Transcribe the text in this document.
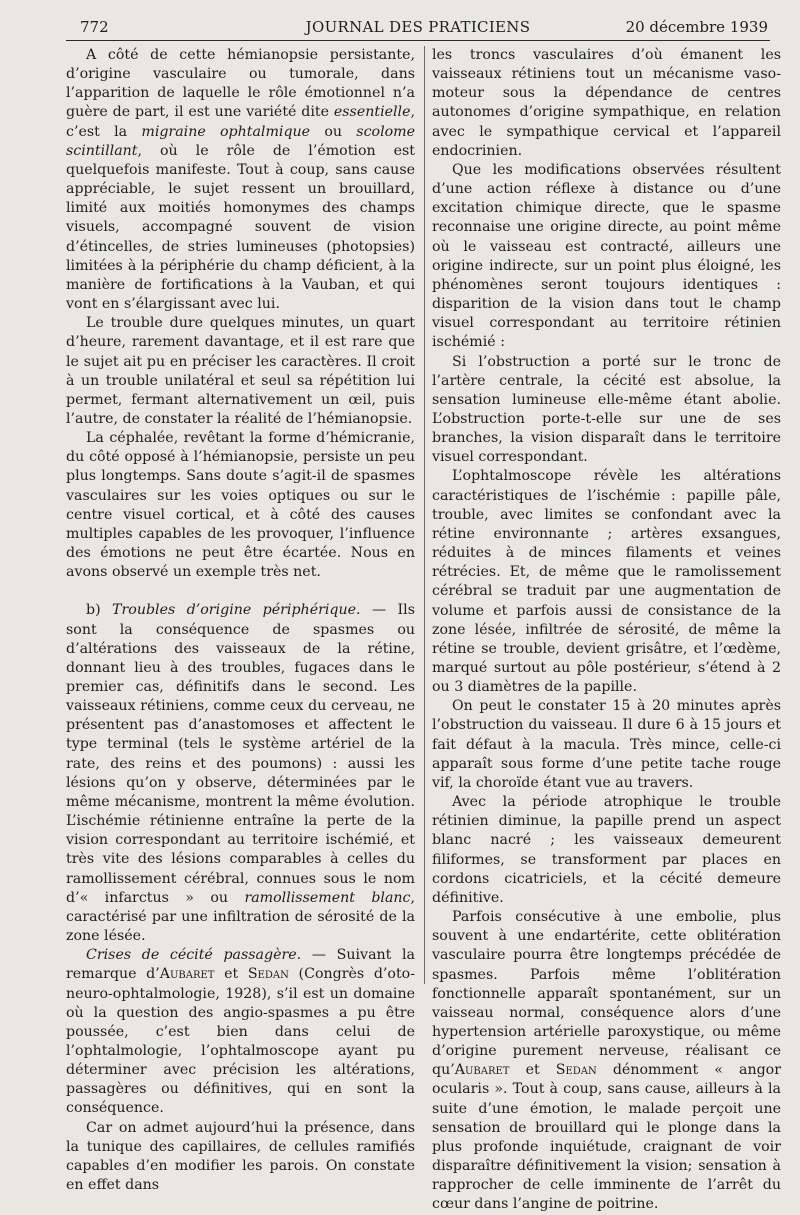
772	JOURNAL DES PRATICIENS	20 décembre 1939

A côté de cette hémianopsie persistante, d’origine vasculaire ou tumorale, dans l’apparition de laquelle le rôle émotionnel n’a guère de part, il est une variété dite essentielle, c’est la migraine ophtalmique ou scolome scintillant, où le rôle de l’émotion est quelquefois manifeste. Tout à coup, sans cause appréciable, le sujet ressent un brouillard, limité aux moitiés homonymes des champs visuels, accompagné souvent de vision d’étincelles, de stries lumineuses (photopsies) limitées à la périphérie du champ déficient, à la manière de fortifications à la Vauban, et qui vont en s’élargissant avec lui.

Le trouble dure quelques minutes, un quart d’heure, rarement davantage, et il est rare que le sujet ait pu en préciser les caractères. Il croit à un trouble unilatéral et seul sa répétition lui permet, fermant alternativement un œil, puis l’autre, de constater la réalité de l’hémianopsie.

La céphalée, revêtant la forme d’hémicranie, du côté opposé à l’hémianopsie, persiste un peu plus longtemps. Sans doute s’agit-il de spasmes vasculaires sur les voies optiques ou sur le centre visuel cortical, et à côté des causes multiples capables de les provoquer, l’influence des émotions ne peut être écartée. Nous en avons observé un exemple très net.

b) Troubles d’origine périphérique. — Ils sont la conséquence de spasmes ou d’altérations des vaisseaux de la rétine, donnant lieu à des troubles, fugaces dans le premier cas, définitifs dans le second. Les vaisseaux rétiniens, comme ceux du cerveau, ne présentent pas d’anastomoses et affectent le type terminal (tels le système artériel de la rate, des reins et des poumons) : aussi les lésions qu’on y observe, déterminées par le même mécanisme, montrent la même évolution. L’ischémie rétinienne entraîne la perte de la vision correspondant au territoire ischémié, et très vite des lésions comparables à celles du ramollissement cérébral, connues sous le nom d’« infarctus » ou ramollissement blanc, caractérisé par une infiltration de sérosité de la zone lésée.

Crises de cécité passagère. — Suivant la remarque d’Aubaret et Sedan (Congrès d’oto-neuro-ophtalmologie, 1928), s’il est un domaine où la question des angio-spasmes a pu être poussée, c’est bien dans celui de l’ophtalmologie, l’ophtalmoscope ayant pu déterminer avec précision les altérations, passagères ou définitives, qui en sont la conséquence.

Car on admet aujourd’hui la présence, dans la tunique des capillaires, de cellules ramifiés capables d’en modifier les parois. On constate en effet dans

les troncs vasculaires d’où émanent les vaisseaux rétiniens tout un mécanisme vaso-moteur sous la dépendance de centres autonomes d’origine sympathique, en relation avec le sympathique cervical et l’appareil endocrinien.

Que les modifications observées résultent d’une action réflexe à distance ou d’une excitation chimique directe, que le spasme reconnaise une origine directe, au point même où le vaisseau est contracté, ailleurs une origine indirecte, sur un point plus éloigné, les phénomènes seront toujours identiques : disparition de la vision dans tout le champ visuel correspondant au territoire rétinien ischémié :

Si l’obstruction a porté sur le tronc de l’artère centrale, la cécité est absolue, la sensation lumineuse elle-même étant abolie. L’obstruction porte-t-elle sur une de ses branches, la vision disparaît dans le territoire visuel correspondant.

L’ophtalmoscope révèle les altérations caractéristiques de l’ischémie : papille pâle, trouble, avec limites se confondant avec la rétine environnante ; artères exsangues, réduites à de minces filaments et veines rétrécies. Et, de même que le ramolissement cérébral se traduit par une augmentation de volume et parfois aussi de consistance de la zone lésée, infiltrée de sérosité, de même la rétine se trouble, devient grisâtre, et l’œdème, marqué surtout au pôle postérieur, s’étend à 2 ou 3 diamètres de la papille.

On peut le constater 15 à 20 minutes après l’obstruction du vaisseau. Il dure 6 à 15 jours et fait défaut à la macula. Très mince, celle-ci apparaît sous forme d’une petite tache rouge vif, la choroïde étant vue au travers.

Avec la période atrophique le trouble rétinien diminue, la papille prend un aspect blanc nacré ; les vaisseaux demeurent filiformes, se transforment par places en cordons cicatriciels, et la cécité demeure définitive.

Parfois consécutive à une embolie, plus souvent à une endartérite, cette oblitération vasculaire pourra être longtemps précédée de spasmes. Parfois même l’oblitération fonctionnelle apparaît spontanément, sur un vaisseau normal, conséquence alors d’une hypertension artérielle paroxystique, ou même d’origine purement nerveuse, réalisant ce qu’Aubaret et Sedan dénomment « angor ocularis ». Tout à coup, sans cause, ailleurs à la suite d’une émotion, le malade perçoit une sensation de brouillard qui le plonge dans la plus profonde inquiétude, craignant de voir disparaître définitivement la vision; sensation à rapprocher de celle imminente de l’arrêt du cœur dans l’angine de poitrine.
